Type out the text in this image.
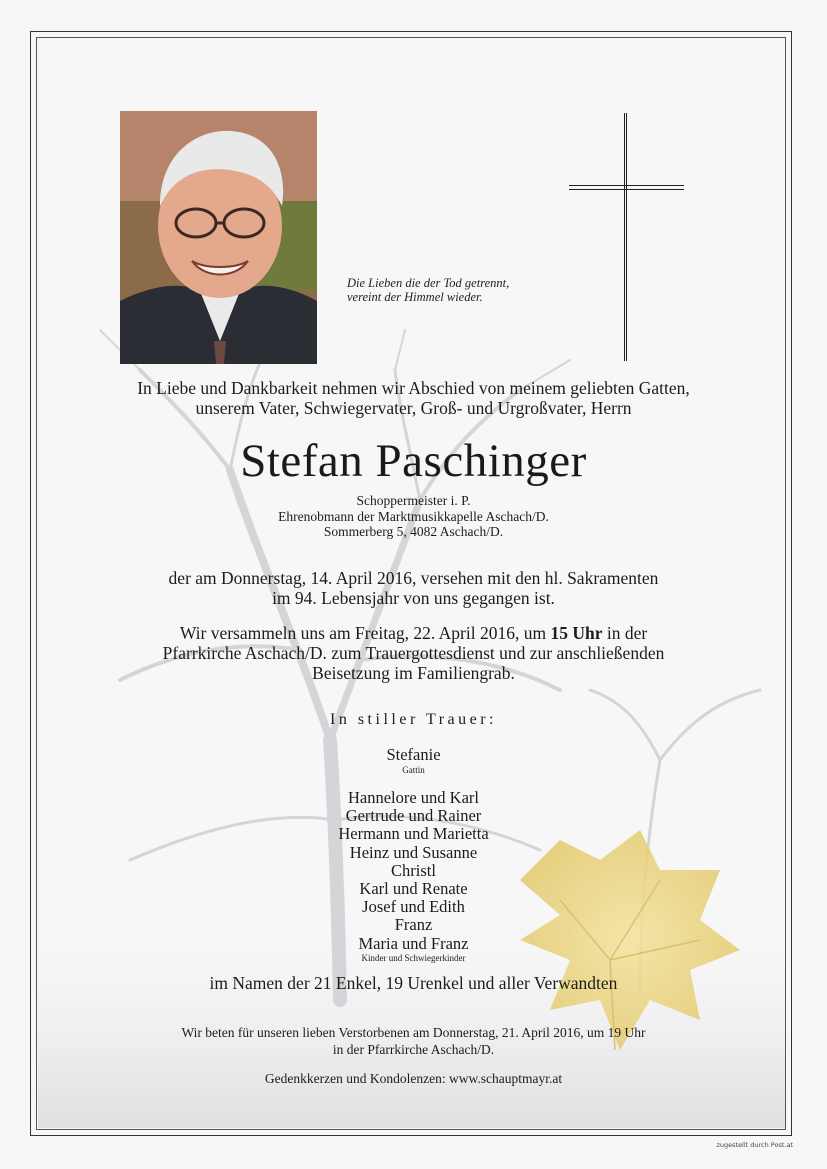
Die Lieben die der Tod getrennt,
vereint der Himmel wieder.
In Liebe und Dankbarkeit nehmen wir Abschied von meinem geliebten Gatten,
unserem Vater, Schwiegervater, Groß- und Urgroßvater, Herrn
Stefan Paschinger
Schoppermeister i. P.
Ehrenobmann der Marktmusikkapelle Aschach/D.
Sommerberg 5, 4082 Aschach/D.
der am Donnerstag, 14. April 2016, versehen mit den hl. Sakramenten
im 94. Lebensjahr von uns gegangen ist.
Wir versammeln uns am Freitag, 22. April 2016, um 15 Uhr in der
Pfarrkirche Aschach/D. zum Trauergottesdienst und zur anschließenden
Beisetzung im Familiengrab.
In stiller Trauer:
Stefanie
Gattin
Hannelore und Karl
Gertrude und Rainer
Hermann und Marietta
Heinz und Susanne
Christl
Karl und Renate
Josef und Edith
Franz
Maria und Franz
Kinder und Schwiegerkinder
im Namen der 21 Enkel, 19 Urenkel und aller Verwandten
Wir beten für unseren lieben Verstorbenen am Donnerstag, 21. April 2016, um 19 Uhr
in der Pfarrkirche Aschach/D.
Gedenkkerzen und Kondolenzen: www.schauptmayr.at
zugestellt durch Post.at
